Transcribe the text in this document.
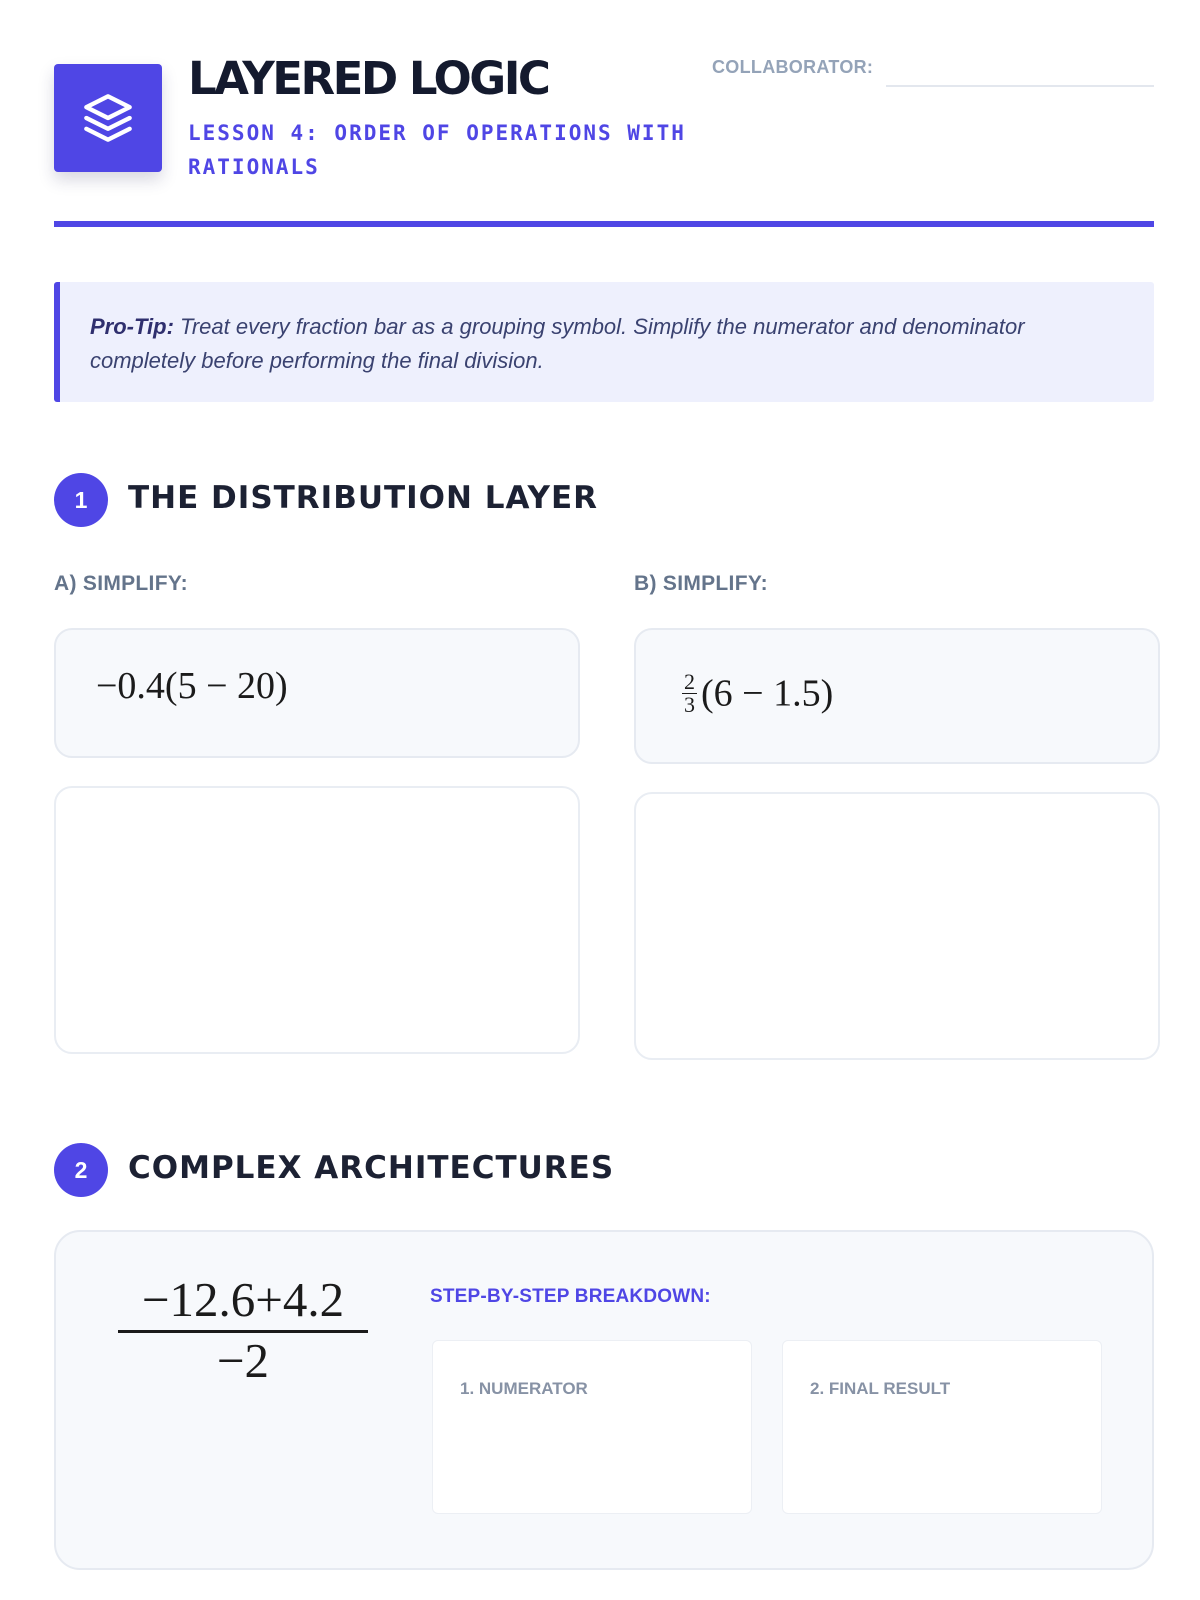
LAYERED LOGIC
LESSON 4: ORDER OF OPERATIONS WITH RATIONALS
COLLABORATOR:
Pro-Tip: Treat every fraction bar as a grouping symbol. Simplify the numerator and denominator completely before performing the final division.
1	THE DISTRIBUTION LAYER
A) SIMPLIFY:
−0.4(5 − 20)
B) SIMPLIFY:
$\frac{2}{3} (6 - 1.5)$
2	COMPLEX ARCHITECTURES
$\frac{-12.6+4.2}{-2}$	STEP-BY-STEP BREAKDOWN:
1. NUMERATOR	2. FINAL RESULT
